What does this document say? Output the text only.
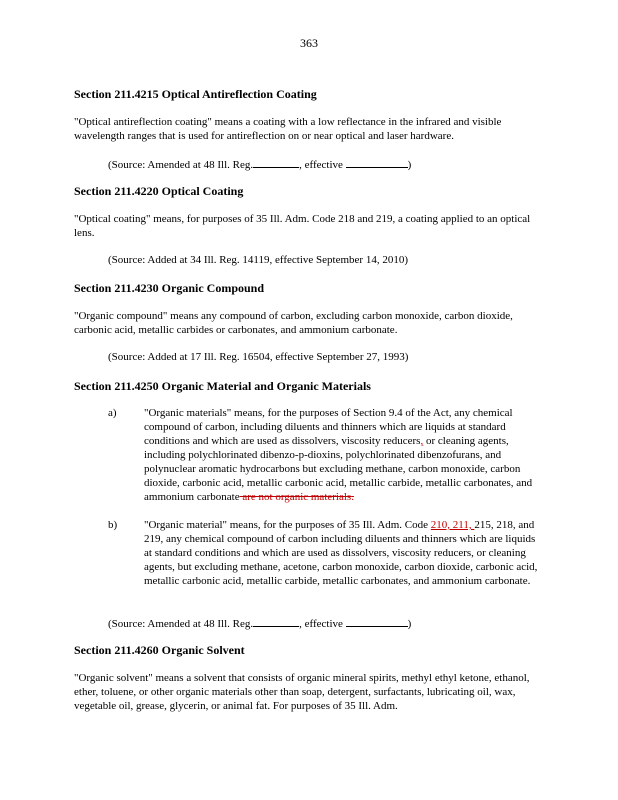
363
Section 211.4215 Optical Antireflection Coating

"Optical antireflection coating" means a coating with a low reflectance in the infrared and visible wavelength ranges that is used for antireflection on or near optical and laser hardware.

(Source: Amended at 48 Ill. Reg.	, effective	)
Section 211.4220 Optical Coating

"Optical coating" means, for purposes of 35 Ill. Adm. Code 218 and 219, a coating applied to an optical lens.

(Source: Added at 34 Ill. Reg. 14119, effective September 14, 2010)
Section 211.4230 Organic Compound

"Organic compound" means any compound of carbon, excluding carbon monoxide, carbon dioxide, carbonic acid, metallic carbides or carbonates, and ammonium carbonate.

(Source: Added at 17 Ill. Reg. 16504, effective September 27, 1993)
Section 211.4250 Organic Material and Organic Materials
a)	"Organic materials" means, for the purposes of Section 9.4 of the Act, any chemical compound of carbon, including diluents and thinners which are liquids at standard conditions and which are used as dissolvers, viscosity reducers, or cleaning agents, including polychlorinated dibenzo-p-dioxins, polychlorinated dibenzofurans, and polynuclear aromatic hydrocarbons but excluding methane, carbon monoxide, carbon dioxide, carbonic acid, metallic carbonic acid, metallic carbide, metallic carbonates, and ammonium carbonate are not organic materials.

b)	"Organic material" means, for the purposes of 35 Ill. Adm. Code 210, 211, 215, 218, and 219, any chemical compound of carbon including diluents and thinners which are liquids at standard conditions and which are used as dissolvers, viscosity reducers, or cleaning agents, but excluding methane, acetone, carbon monoxide, carbon dioxide, carbonic acid, metallic carbonic acid, metallic carbide, metallic carbonates, and ammonium carbonate.

(Source: Amended at 48 Ill. Reg.	, effective	)
Section 211.4260 Organic Solvent

"Organic solvent" means a solvent that consists of organic mineral spirits, methyl ethyl ketone, ethanol, ether, toluene, or other organic materials other than soap, detergent, surfactants, lubricating oil, wax, vegetable oil, grease, glycerin, or animal fat. For purposes of 35 Ill. Adm.
